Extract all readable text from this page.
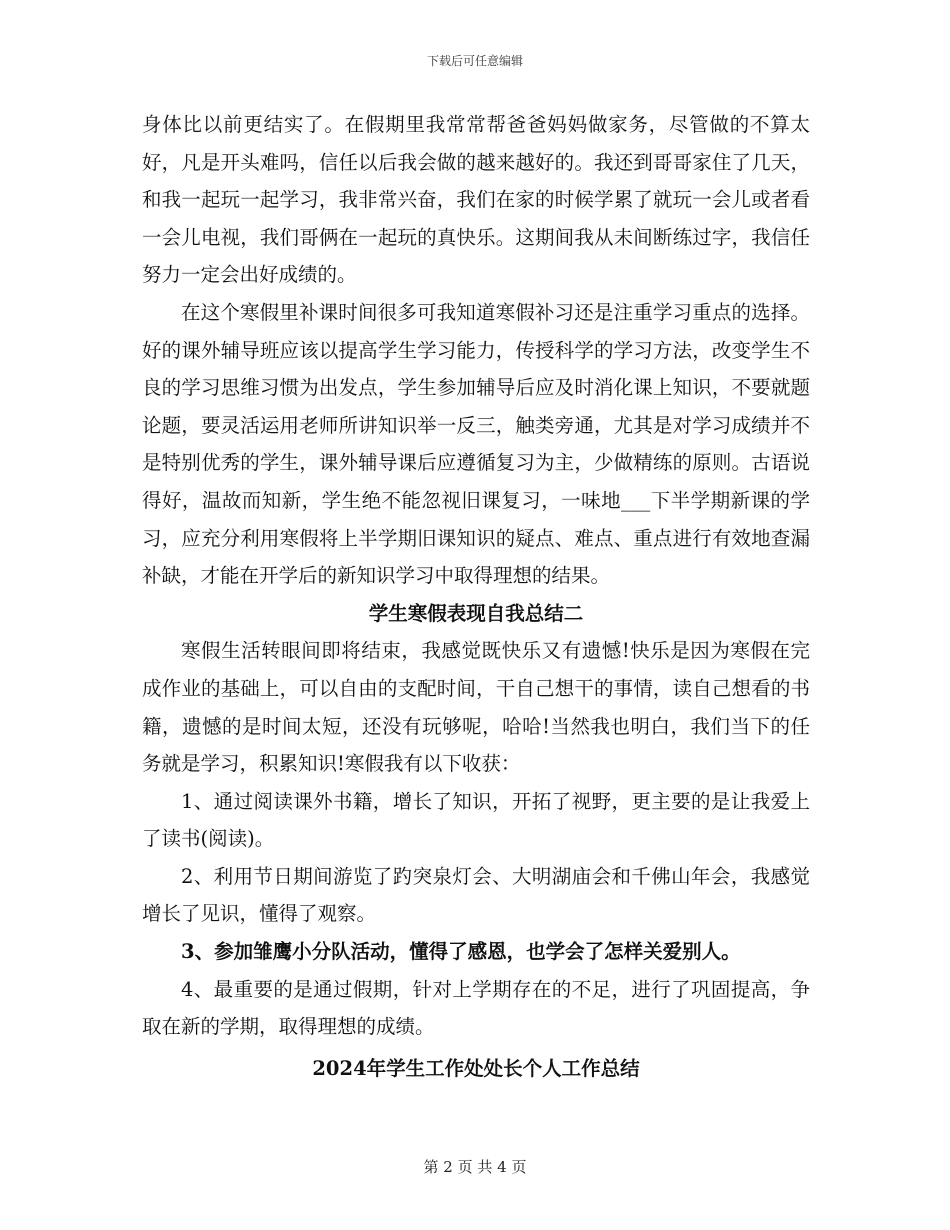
下载后可任意编辑

身体比以前更结实了。在假期里我常常帮爸爸妈妈做家务，尽管做的不算太好，凡是开头难吗，信任以后我会做的越来越好的。我还到哥哥家住了几天，和我一起玩一起学习，我非常兴奋，我们在家的时候学累了就玩一会儿或者看一会儿电视，我们哥俩在一起玩的真快乐。这期间我从未间断练过字，我信任努力一定会出好成绩的。

在这个寒假里补课时间很多可我知道寒假补习还是注重学习重点的选择。好的课外辅导班应该以提高学生学习能力，传授科学的学习方法，改变学生不良的学习思维习惯为出发点，学生参加辅导后应及时消化课上知识，不要就题论题，要灵活运用老师所讲知识举一反三，触类旁通，尤其是对学习成绩并不是特别优秀的学生，课外辅导课后应遵循复习为主，少做精练的原则。古语说得好，温故而知新，学生绝不能忽视旧课复习，一味地___下半学期新课的学习，应充分利用寒假将上半学期旧课知识的疑点、难点、重点进行有效地查漏补缺，才能在开学后的新知识学习中取得理想的结果。

学生寒假表现自我总结二

寒假生活转眼间即将结束，我感觉既快乐又有遗憾!快乐是因为寒假在完成作业的基础上，可以自由的支配时间，干自己想干的事情，读自己想看的书籍，遗憾的是时间太短，还没有玩够呢，哈哈!当然我也明白，我们当下的任务就是学习，积累知识!寒假我有以下收获：

1、通过阅读课外书籍，增长了知识，开拓了视野，更主要的是让我爱上了读书(阅读)。

2、利用节日期间游览了趵突泉灯会、大明湖庙会和千佛山年会，我感觉增长了见识，懂得了观察。

3、参加雏鹰小分队活动，懂得了感恩，也学会了怎样关爱别人。

4、最重要的是通过假期，针对上学期存在的不足，进行了巩固提高，争取在新的学期，取得理想的成绩。

2024年学生工作处处长个人工作总结
第 2 页 共 4 页
